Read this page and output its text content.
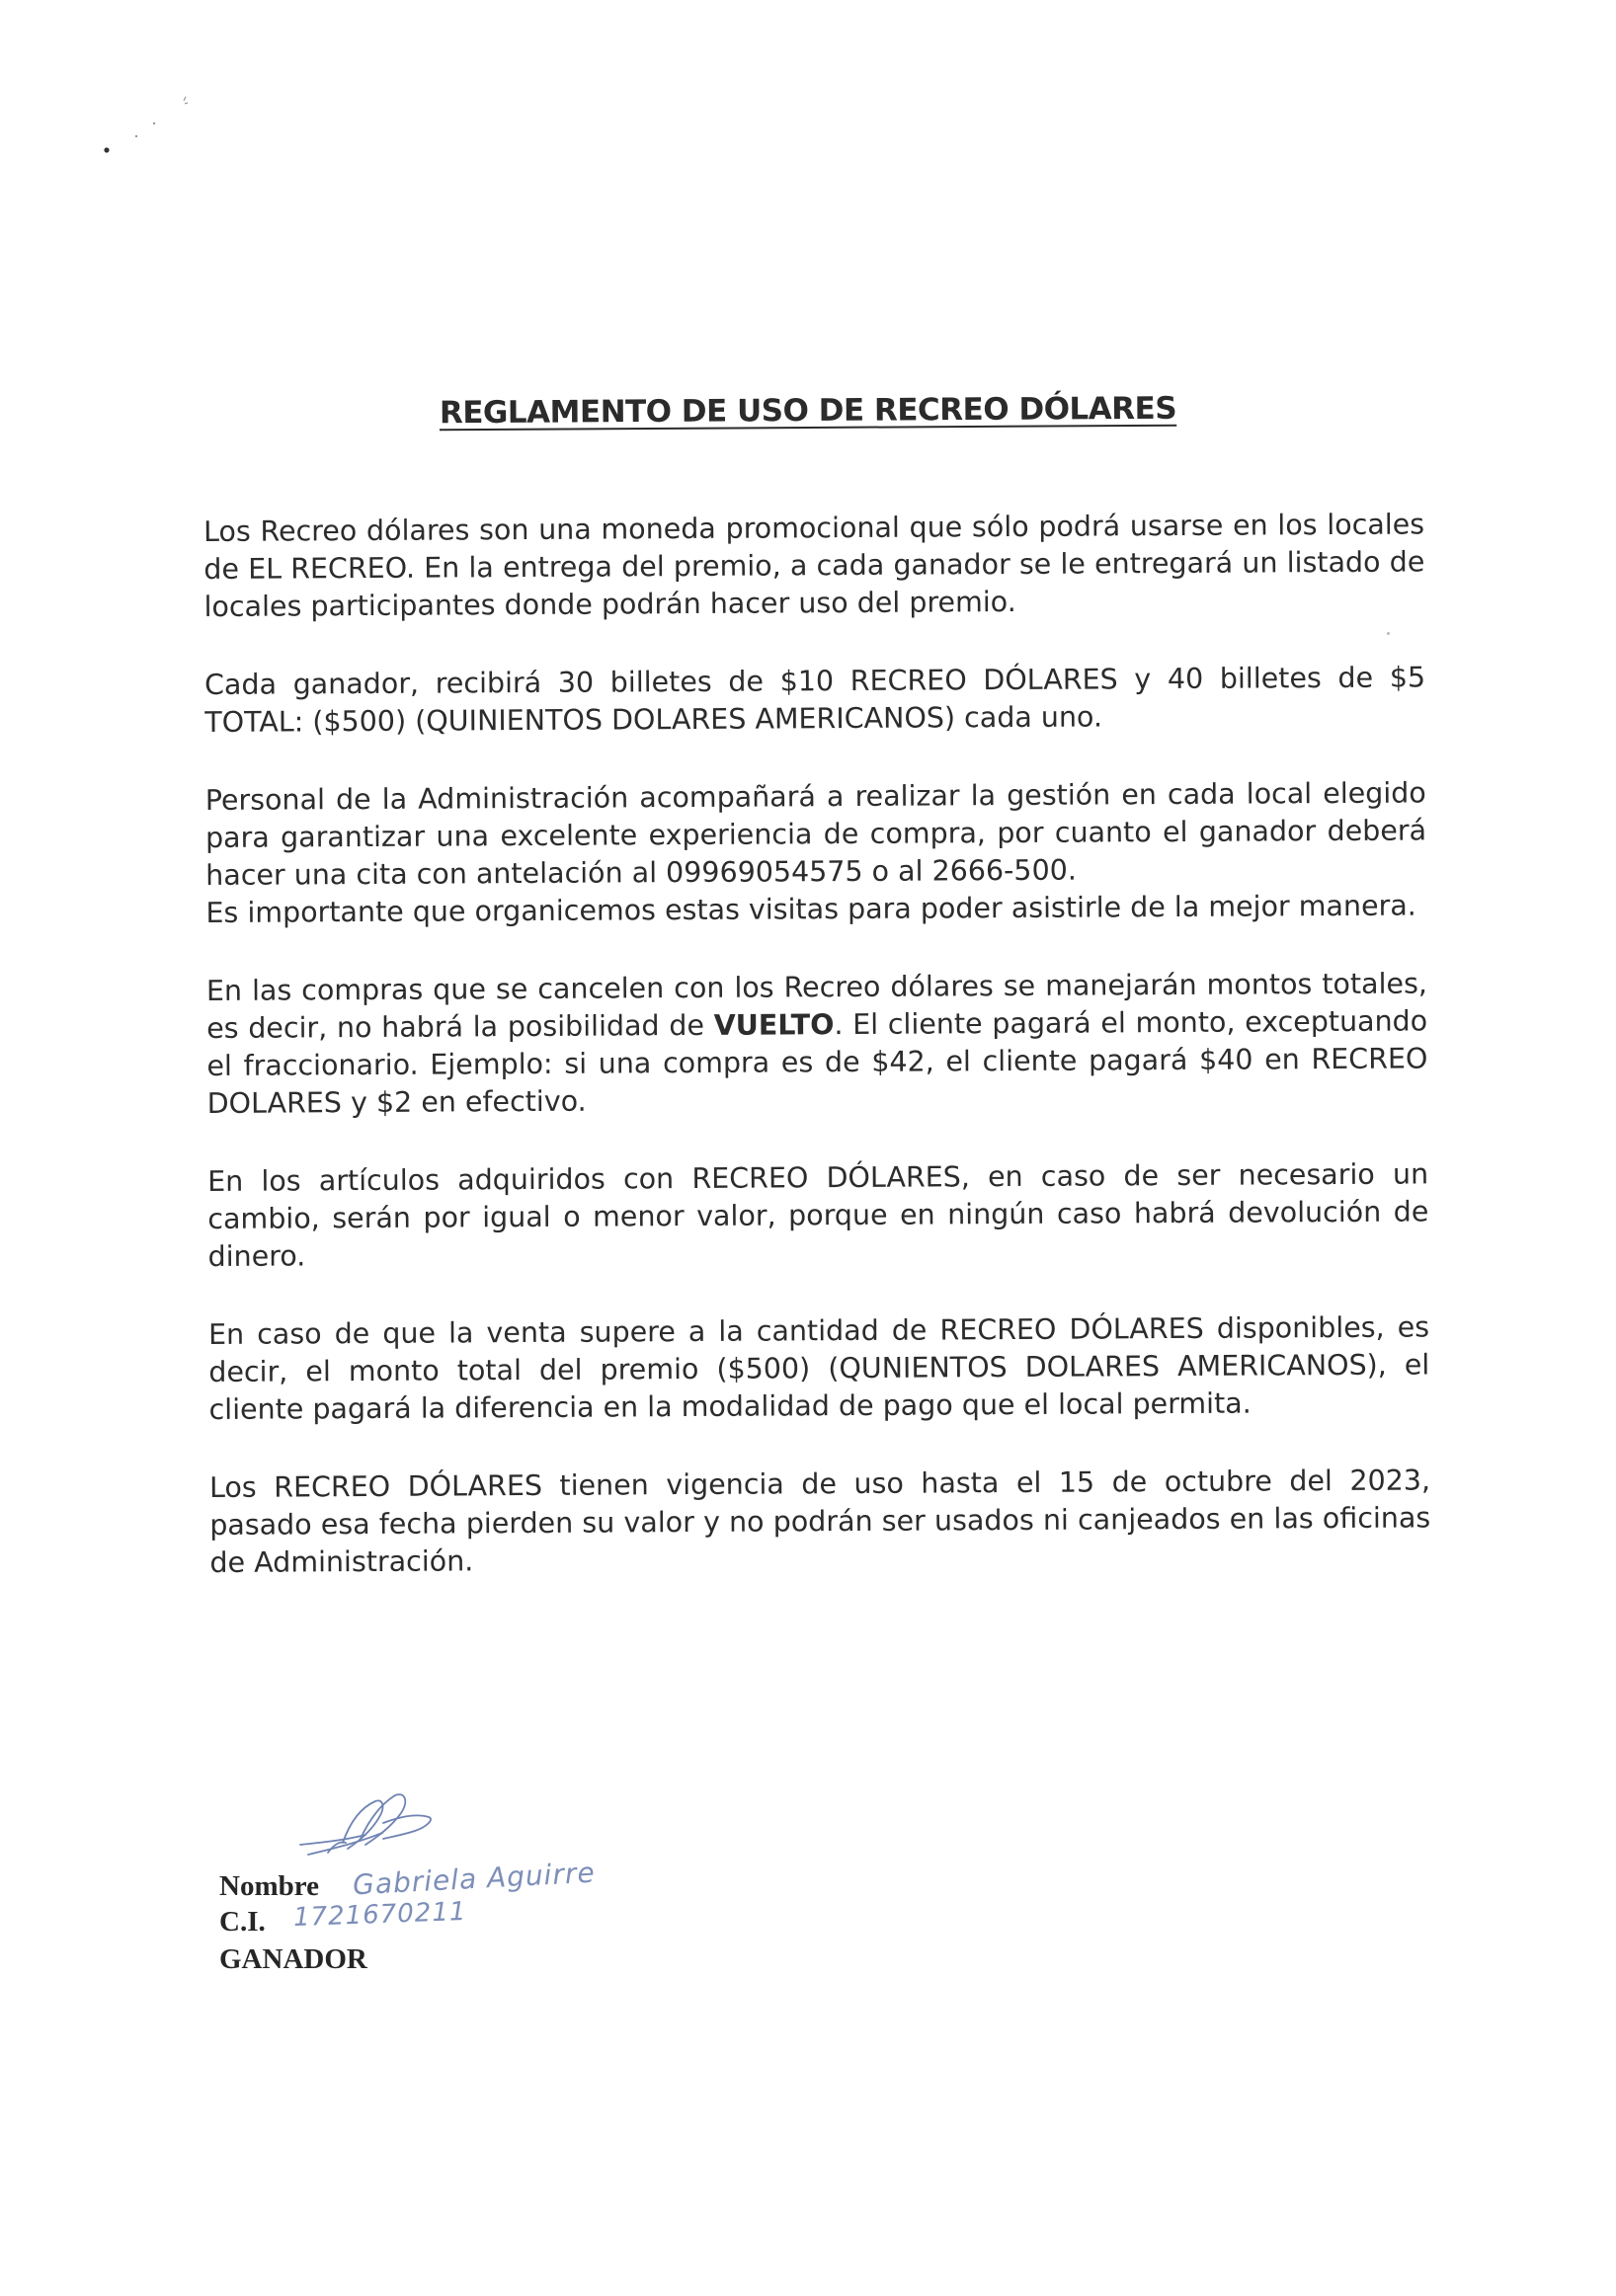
REGLAMENTO DE USO DE RECREO DÓLARES

Los Recreo dólares son una moneda promocional que sólo podrá usarse en los locales de EL RECREO. En la entrega del premio, a cada ganador se le entregará un listado de locales participantes donde podrán hacer uso del premio.

Cada ganador, recibirá 30 billetes de $10 RECREO DÓLARES y 40 billetes de $5 TOTAL: ($500) (QUINIENTOS DOLARES AMERICANOS) cada uno.

Personal de la Administración acompañará a realizar la gestión en cada local elegido para garantizar una excelente experiencia de compra, por cuanto el ganador deberá hacer una cita con antelación al 09969054575 o al 2666-500.

Es importante que organicemos estas visitas para poder asistirle de la mejor manera.

En las compras que se cancelen con los Recreo dólares se manejarán montos totales, es decir, no habrá la posibilidad de VUELTO. El cliente pagará el monto, exceptuando el fraccionario. Ejemplo: si una compra es de $42, el cliente pagará $40 en RECREO DOLARES y $2 en efectivo.

En los artículos adquiridos con RECREO DÓLARES, en caso de ser necesario un cambio, serán por igual o menor valor, porque en ningún caso habrá devolución de dinero.

En caso de que la venta supere a la cantidad de RECREO DÓLARES disponibles, es decir, el monto total del premio ($500) (QUNIENTOS DOLARES AMERICANOS), el cliente pagará la diferencia en la modalidad de pago que el local permita.

Los RECREO DÓLARES tienen vigencia de uso hasta el 15 de octubre del 2023, pasado esa fecha pierden su valor y no podrán ser usados ni canjeados en las oficinas de Administración.

Nombre
C.I.
GANADOR
Gabriela Aguirre
1721670211
